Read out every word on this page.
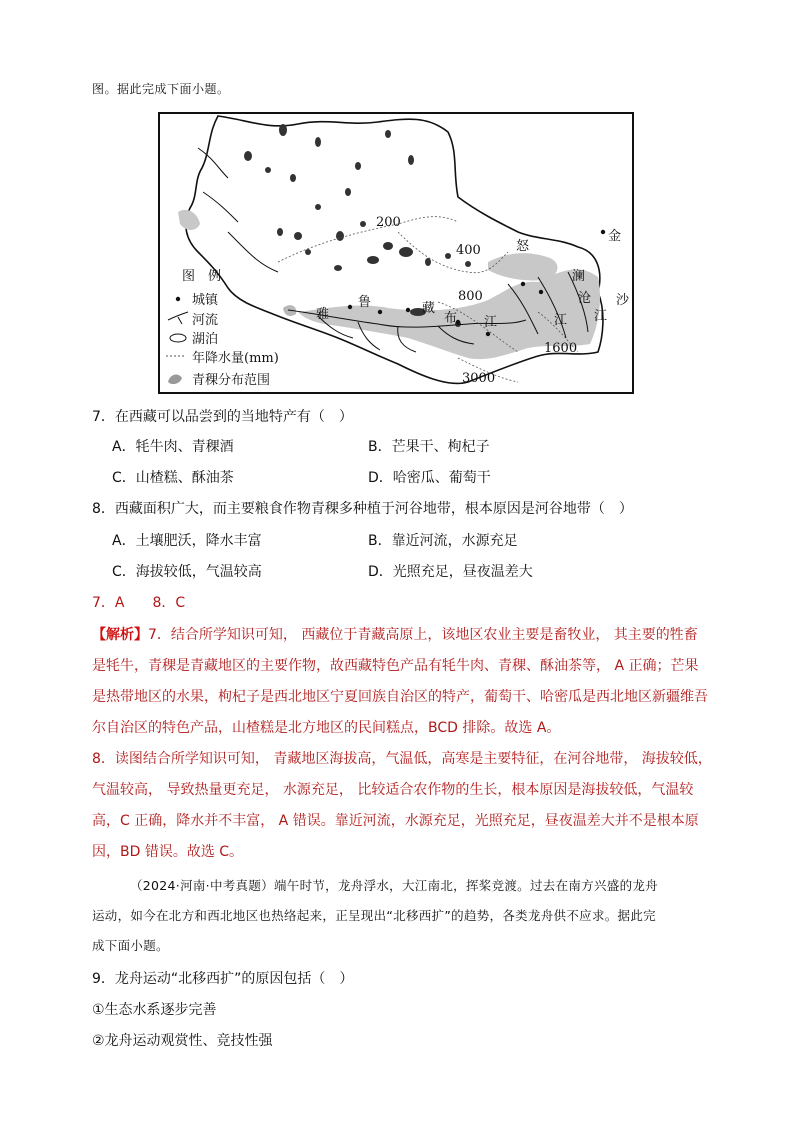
图。据此完成下面小题。
图　例
城镇
河流
湖泊
年降水量(mm)
青稞分布范围
200
400
800
1600
3000
雅
鲁	藏
布 江
怒
澜
沧
江
金
沙
江
7．在西藏可以品尝到的当地特产有（　）
A．牦牛肉、青稞酒	B．芒果干、枸杞子
C．山楂糕、酥油茶	D．哈密瓜、葡萄干
8．西藏面积广大，而主要粮食作物青稞多种植于河谷地带，根本原因是河谷地带（　）
A．土壤肥沃，降水丰富	B．靠近河流，水源充足
C．海拔较低，气温较高	D．光照充足，昼夜温差大
7．A　　8．C
【解析】7．结合所学知识可知， 西藏位于青藏高原上，该地区农业主要是畜牧业， 其主要的牲畜
是牦牛，青稞是青藏地区的主要作物，故西藏特色产品有牦牛肉、青稞、酥油茶等， A 正确；芒果
是热带地区的水果，枸杞子是西北地区宁夏回族自治区的特产，葡萄干、哈密瓜是西北地区新疆维吾
尔自治区的特色产品，山楂糕是北方地区的民间糕点，BCD 排除。故选 A。
8．读图结合所学知识可知， 青藏地区海拔高，气温低，高寒是主要特征，在河谷地带， 海拔较低，
气温较高， 导致热量更充足， 水源充足， 比较适合农作物的生长，根本原因是海拔较低，气温较
高，C 正确，降水并不丰富， A 错误。靠近河流，水源充足，光照充足，昼夜温差大并不是根本原
因，BD 错误。故选 C。
（2024·河南·中考真题）端午时节，龙舟浮水，大江南北，挥桨竞渡。过去在南方兴盛的龙舟
运动，如今在北方和西北地区也热络起来，正呈现出“北移西扩”的趋势，各类龙舟供不应求。据此完
成下面小题。
9．龙舟运动“北移西扩”的原因包括（　）
①生态水系逐步完善
②龙舟运动观赏性、竞技性强
